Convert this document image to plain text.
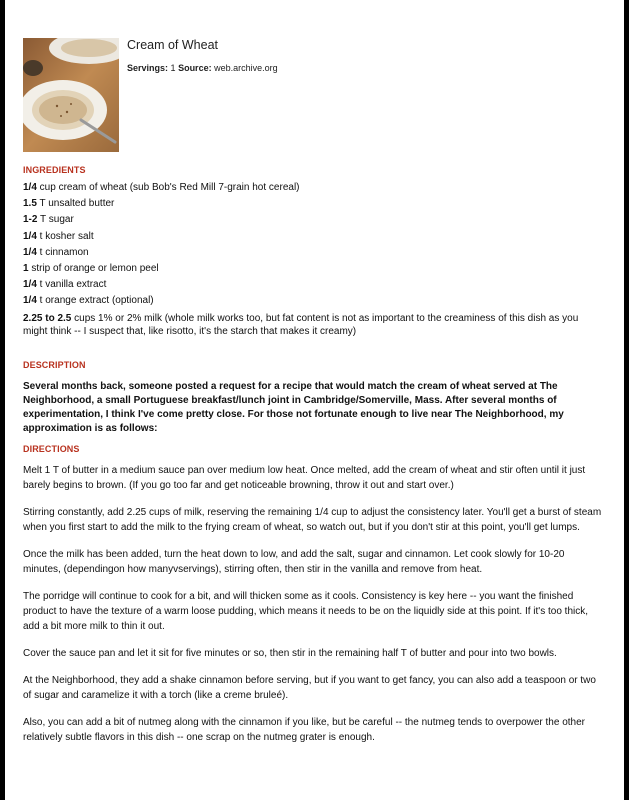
Cream of Wheat
Servings: 1 Source: web.archive.org
INGREDIENTS

1/4 cup cream of wheat (sub Bob's Red Mill 7-grain hot cereal)

1.5 T unsalted butter

1-2 T sugar

1/4 t kosher salt

1/4 t cinnamon

1 strip of orange or lemon peel

1/4 t vanilla extract

1/4 t orange extract (optional)

2.25 to 2.5 cups 1% or 2% milk (whole milk works too, but fat content is not as important to the creaminess of this dish as you might think -- I suspect that, like risotto, it's the starch that makes it creamy)

DESCRIPTION

Several months back, someone posted a request for a recipe that would match the cream of wheat served at The Neighborhood, a small Portuguese breakfast/lunch joint in Cambridge/Somerville, Mass. After several months of experimentation, I think I've come pretty close. For those not fortunate enough to live near The Neighborhood, my approximation is as follows:

DIRECTIONS

Melt 1 T of butter in a medium sauce pan over medium low heat. Once melted, add the cream of wheat and stir often until it just barely begins to brown. (If you go too far and get noticeable browning, throw it out and start over.)

Stirring constantly, add 2.25 cups of milk, reserving the remaining 1/4 cup to adjust the consistency later. You'll get a burst of steam when you first start to add the milk to the frying cream of wheat, so watch out, but if you don't stir at this point, you'll get lumps.

Once the milk has been added, turn the heat down to low, and add the salt, sugar and cinnamon. Let cook slowly for 10-20 minutes, (dependingon how manyvservings), stirring often, then stir in the vanilla and remove from heat.

The porridge will continue to cook for a bit, and will thicken some as it cools. Consistency is key here -- you want the finished product to have the texture of a warm loose pudding, which means it needs to be on the liquidly side at this point. If it's too thick, add a bit more milk to thin it out.

Cover the sauce pan and let it sit for five minutes or so, then stir in the remaining half T of butter and pour into two bowls.

At the Neighborhood, they add a shake cinnamon before serving, but if you want to get fancy, you can also add a teaspoon or two of sugar and caramelize it with a torch (like a creme bruleé).

Also, you can add a bit of nutmeg along with the cinnamon if you like, but be careful -- the nutmeg tends to overpower the other relatively subtle flavors in this dish -- one scrap on the nutmeg grater is enough.
